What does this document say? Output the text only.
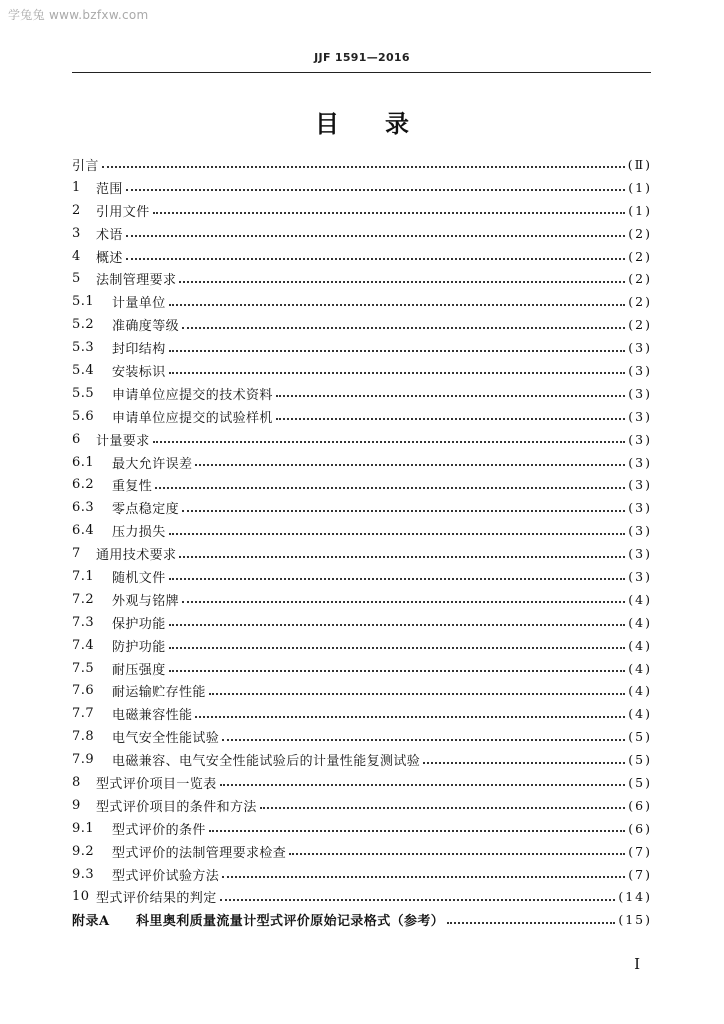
学兔兔 www.bzfxw.com
JJF 1591—2016
目录
引言	(Ⅱ)
1	范围	(1)
2	引用文件	(1)
3	术语	(2)
4	概述	(2)
5	法制管理要求	(2)
5.1	计量单位	(2)
5.2	准确度等级	(2)
5.3	封印结构	(3)
5.4	安装标识	(3)
5.5	申请单位应提交的技术资料	(3)
5.6	申请单位应提交的试验样机	(3)
6	计量要求	(3)
6.1	最大允许误差	(3)
6.2	重复性	(3)
6.3	零点稳定度	(3)
6.4	压力损失	(3)
7	通用技术要求	(3)
7.1	随机文件	(3)
7.2	外观与铭牌	(4)
7.3	保护功能	(4)
7.4	防护功能	(4)
7.5	耐压强度	(4)
7.6	耐运输贮存性能	(4)
7.7	电磁兼容性能	(4)
7.8	电气安全性能试验	(5)
7.9	电磁兼容、电气安全性能试验后的计量性能复测试验	(5)
8	型式评价项目一览表	(5)
9	型式评价项目的条件和方法	(6)
9.1	型式评价的条件	(6)
9.2	型式评价的法制管理要求检查	(7)
9.3	型式评价试验方法	(7)
10 型式评价结果的判定	(14)
附录A	科里奥利质量流量计型式评价原始记录格式（参考）	(15)
I
